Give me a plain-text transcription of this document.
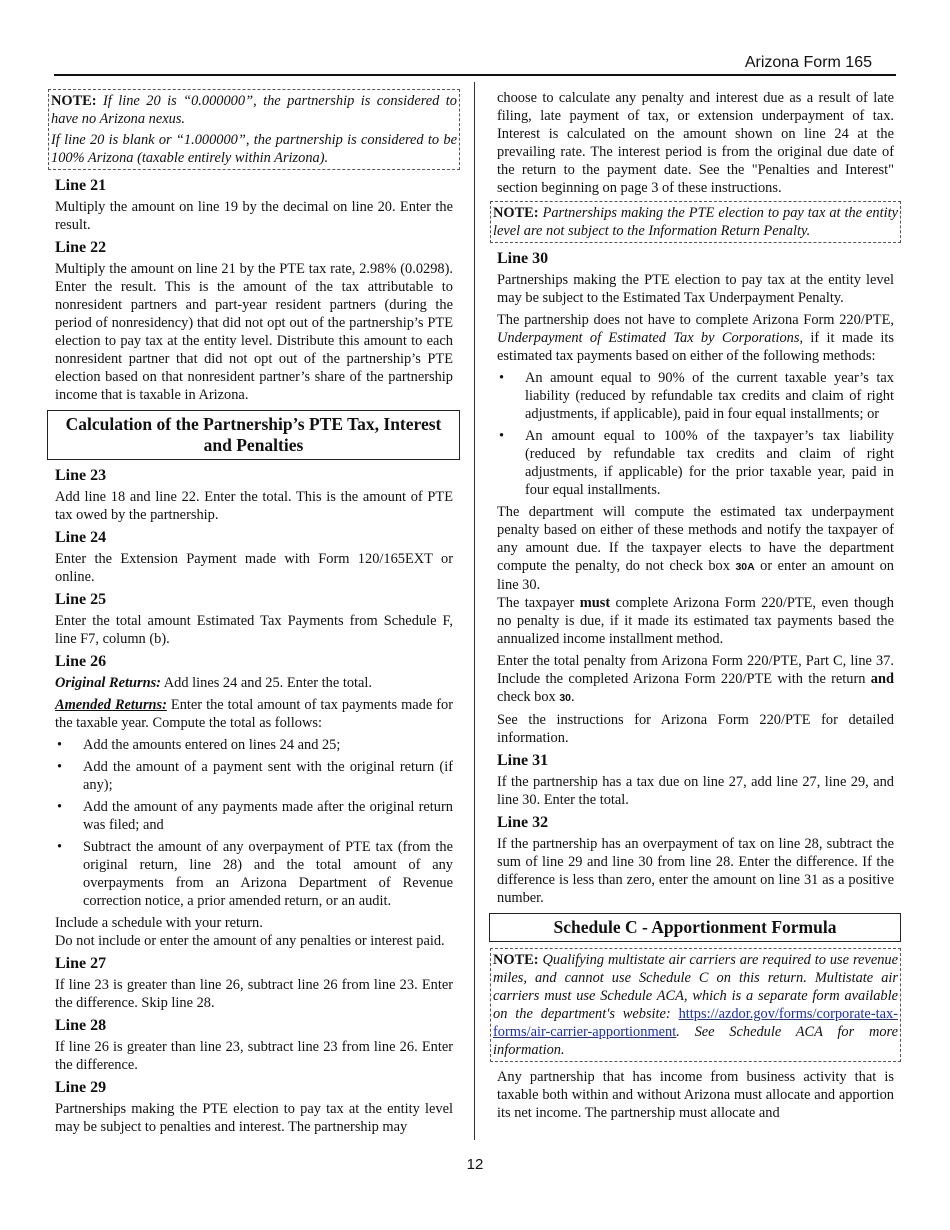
Arizona Form 165

NOTE: If line 20 is “0.000000”, the partnership is considered to have no Arizona nexus.

If line 20 is blank or “1.000000”, the partnership is considered to be 100% Arizona (taxable entirely within Arizona).

Line 21

Multiply the amount on line 19 by the decimal on line 20. Enter the result.

Line 22

Multiply the amount on line 21 by the PTE tax rate, 2.98% (0.0298). Enter the result. This is the amount of the tax attributable to nonresident partners and part-year resident partners (during the period of nonresidency) that did not opt out of the partnership’s PTE election to pay tax at the entity level. Distribute this amount to each nonresident partner that did not opt out of the partnership’s PTE election based on that nonresident partner’s share of the partnership income that is taxable in Arizona.

Calculation of the Partnership’s PTE Tax, Interest and Penalties
Line 23

Add line 18 and line 22. Enter the total. This is the amount of PTE tax owed by the partnership.

Line 24

Enter the Extension Payment made with Form 120/165EXT or online.

Line 25

Enter the total amount Estimated Tax Payments from Schedule F, line F7, column (b).

Line 26

Original Returns: Add lines 24 and 25. Enter the total.

Amended Returns: Enter the total amount of tax payments made for the taxable year. Compute the total as follows:

• Add the amounts entered on lines 24 and 25;
• Add the amount of a payment sent with the original return (if any);
• Add the amount of any payments made after the original return was filed; and
• Subtract the amount of any overpayment of PTE tax (from the original return, line 28) and the total amount of any overpayments from an Arizona Department of Revenue correction notice, a prior amended return, or an audit.

Include a schedule with your return.

Do not include or enter the amount of any penalties or interest paid.

Line 27

If line 23 is greater than line 26, subtract line 26 from line 23. Enter the difference. Skip line 28.

Line 28

If line 26 is greater than line 23, subtract line 23 from line 26. Enter the difference.

Line 29

Partnerships making the PTE election to pay tax at the entity level may be subject to penalties and interest. The partnership may

choose to calculate any penalty and interest due as a result of late filing, late payment of tax, or extension underpayment of tax. Interest is calculated on the amount shown on line 24 at the prevailing rate. The interest period is from the original due date of the return to the payment date. See the "Penalties and Interest" section beginning on page 3 of these instructions.

NOTE: Partnerships making the PTE election to pay tax at the entity level are not subject to the Information Return Penalty.

Line 30

Partnerships making the PTE election to pay tax at the entity level may be subject to the Estimated Tax Underpayment Penalty.

The partnership does not have to complete Arizona Form 220/PTE, Underpayment of Estimated Tax by Corporations, if it made its estimated tax payments based on either of the following methods:

• An amount equal to 90% of the current taxable year’s tax liability (reduced by refundable tax credits and claim of right adjustments, if applicable), paid in four equal installments; or
• An amount equal to 100% of the taxpayer’s tax liability (reduced by refundable tax credits and claim of right adjustments, if applicable) for the prior taxable year, paid in four equal installments.

The department will compute the estimated tax underpayment penalty based on either of these methods and notify the taxpayer of any amount due. If the taxpayer elects to have the department compute the penalty, do not check box 30A or enter an amount on line 30.

The taxpayer must complete Arizona Form 220/PTE, even though no penalty is due, if it made its estimated tax payments based the annualized income installment method.

Enter the total penalty from Arizona Form 220/PTE, Part C, line 37. Include the completed Arizona Form 220/PTE with the return and check box 30.

See the instructions for Arizona Form 220/PTE for detailed information.

Line 31

If the partnership has a tax due on line 27, add line 27, line 29, and line 30. Enter the total.

Line 32

If the partnership has an overpayment of tax on line 28, subtract the sum of line 29 and line 30 from line 28. Enter the difference. If the difference is less than zero, enter the amount on line 31 as a positive number.

Schedule C - Apportionment Formula

NOTE: Qualifying multistate air carriers are required to use revenue miles, and cannot use Schedule C on this return. Multistate air carriers must use Schedule ACA, which is a separate form available on the department's website: https://azdor.gov/forms/corporate-tax-forms/air-carrier-apportionment. See Schedule ACA for more information.

Any partnership that has income from business activity that is taxable both within and without Arizona must allocate and apportion its net income. The partnership must allocate and

12
